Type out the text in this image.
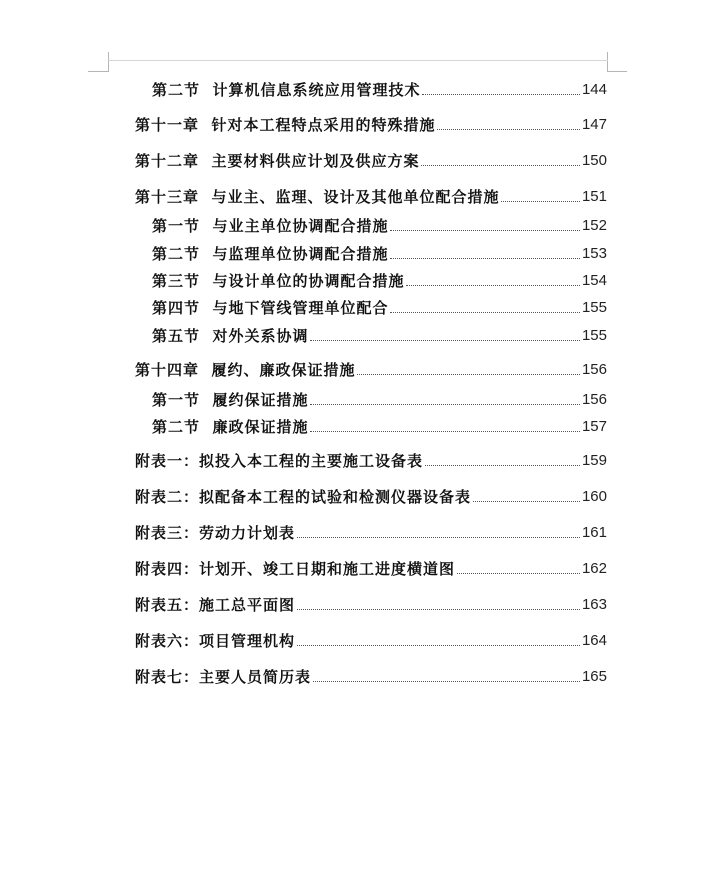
第二节 计算机信息系统应用管理技术	144
第十一章 针对本工程特点采用的特殊措施	147
第十二章 主要材料供应计划及供应方案	150
第十三章 与业主、监理、设计及其他单位配合措施	151
第一节 与业主单位协调配合措施	152
第二节 与监理单位协调配合措施	153
第三节 与设计单位的协调配合措施	154
第四节 与地下管线管理单位配合	155
第五节 对外关系协调	155
第十四章 履约、廉政保证措施	156
第一节 履约保证措施	156
第二节 廉政保证措施	157
附表一： 拟投入本工程的主要施工设备表	159
附表二： 拟配备本工程的试验和检测仪器设备表	160
附表三： 劳动力计划表	161
附表四： 计划开、竣工日期和施工进度横道图	162
附表五： 施工总平面图	163
附表六： 项目管理机构	164
附表七： 主要人员简历表	165
